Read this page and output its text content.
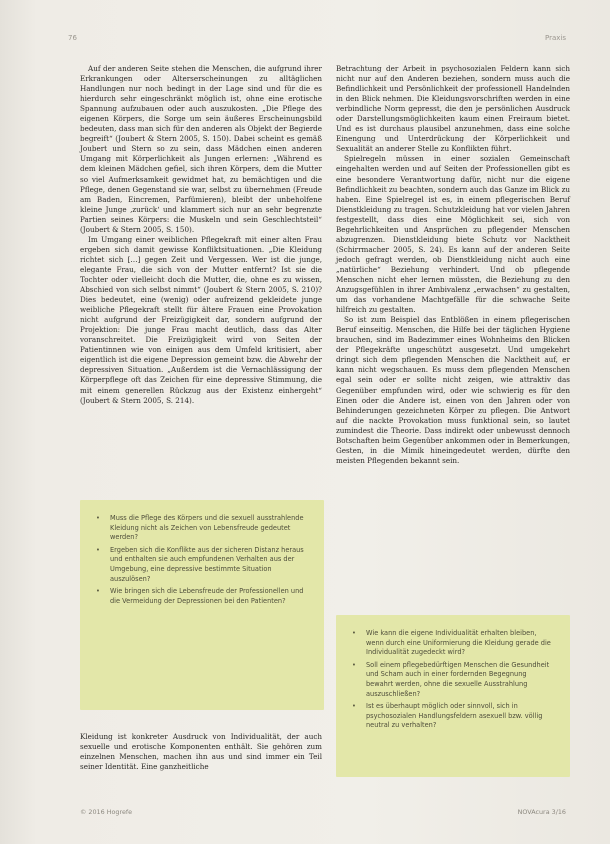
76	Praxis

Auf der anderen Seite stehen die Menschen, die aufgrund ihrer Erkrankungen oder Alterserscheinungen zu alltäglichen Handlungen nur noch bedingt in der Lage sind und für die es hierdurch sehr eingeschränkt möglich ist, ohne eine erotische Spannung aufzubauen oder auch auszukosten. „Die Pflege des eigenen Körpers, die Sorge um sein äußeres Erscheinungsbild bedeuten, dass man sich für den anderen als Objekt der Begierde begreift“ (Joubert & Stern 2005, S. 150). Dabei scheint es gemäß Joubert und Stern so zu sein, dass Mädchen einen anderen Umgang mit Körperlichkeit als Jungen erlernen: „Während es dem kleinen Mädchen gefiel, sich ihren Körpers, dem die Mutter so viel Aufmerksamkeit gewidmet hat, zu bemächtigen und die Pflege, denen Gegenstand sie war, selbst zu übernehmen (Freude am Baden, Eincremen, Parfümieren), bleibt der unbeholfene kleine Junge ‚zurück‘ und klammert sich nur an sehr begrenzte Partien seines Körpers: die Muskeln und sein Geschlechtsteil“ (Joubert & Stern 2005, S. 150).

Im Umgang einer weiblichen Pflegekraft mit einer alten Frau ergeben sich damit gewisse Konfliktsituationen. „Die Kleidung richtet sich […] gegen Zeit und Vergessen. Wer ist die junge, elegante Frau, die sich von der Mutter entfernt? Ist sie die Tochter oder vielleicht doch die Mutter, die, ohne es zu wissen, Abschied von sich selbst nimmt“ (Joubert & Stern 2005, S. 210)? Dies bedeutet, eine (wenig) oder aufreizend gekleidete junge weibliche Pflegekraft stellt für ältere Frauen eine Provokation nicht aufgrund der Freizügigkeit dar, sondern aufgrund der Projektion: Die junge Frau macht deutlich, dass das Alter voranschreitet. Die Freizügigkeit wird von Seiten der Patientinnen wie von einigen aus dem Umfeld kritisiert, aber eigentlich ist die eigene Depression gemeint bzw. die Abwehr der depressiven Situation. „Außerdem ist die Vernachlässigung der Körperpflege oft das Zeichen für eine depressive Stimmung, die mit einem generellen Rückzug aus der Existenz einhergeht“ (Joubert & Stern 2005, S. 214).

• Muss die Pflege des Körpers und die sexuell ausstrahlende Kleidung nicht als Zeichen von Lebensfreude gedeutet werden?
• Ergeben sich die Konflikte aus der sicheren Distanz heraus und enthalten sie auch empfundenen Verhalten aus der Umgebung, eine depressive bestimmte Situation auszulösen?
• Wie bringen sich die Lebensfreude der Professionellen und die Vermeidung der Depressionen bei den Patienten?

Kleidung ist konkreter Ausdruck von Individualität, der auch sexuelle und erotische Komponenten enthält. Sie gehören zum einzelnen Menschen, machen ihn aus und sind immer ein Teil seiner Identität. Eine ganzheitliche

Betrachtung der Arbeit in psychosozialen Feldern kann sich nicht nur auf den Anderen beziehen, sondern muss auch die Befindlichkeit und Persönlichkeit der professionell Handelnden in den Blick nehmen. Die Kleidungsvorschriften werden in eine verbindliche Norm gepresst, die den je persönlichen Ausdruck oder Darstellungsmöglichkeiten kaum einen Freiraum bietet. Und es ist durchaus plausibel anzunehmen, dass eine solche Einengung und Unterdrückung der Körperlichkeit und Sexualität an anderer Stelle zu Konflikten führt.

Spielregeln müssen in einer sozialen Gemeinschaft eingehalten werden und auf Seiten der Professionellen gibt es eine besondere Verantwortung dafür, nicht nur die eigene Befindlichkeit zu beachten, sondern auch das Ganze im Blick zu haben. Eine Spielregel ist es, in einem pflegerischen Beruf Dienstkleidung zu tragen. Schutzkleidung hat vor vielen Jahren festgestellt, dass dies eine Möglichkeit sei, sich von Begehrlichkeiten und Ansprüchen zu pflegender Menschen abzugrenzen. Dienstkleidung biete Schutz vor Nacktheit (Schirrmacher 2005, S. 24). Es kann auf der anderen Seite jedoch gefragt werden, ob Dienstkleidung nicht auch eine „natürliche“ Beziehung verhindert. Und ob pflegende Menschen nicht eher lernen müssten, die Beziehung zu den Anzugsgefühlen in ihrer Ambivalenz „erwachsen“ zu gestalten, um das vorhandene Machtgefälle für die schwache Seite hilfreich zu gestalten.

So ist zum Beispiel das Entblößen in einem pflegerischen Beruf einseitig. Menschen, die Hilfe bei der täglichen Hygiene brauchen, sind im Badezimmer eines Wohnheims den Blicken der Pflegekräfte ungeschützt ausgesetzt. Und umgekehrt dringt sich dem pflegenden Menschen die Nacktheit auf, er kann nicht wegschauen. Es muss dem pflegenden Menschen egal sein oder er sollte nicht zeigen, wie attraktiv das Gegenüber empfunden wird, oder wie schwierig es für den Einen oder die Andere ist, einen von den Jahren oder von Behinderungen gezeichneten Körper zu pflegen. Die Antwort auf die nackte Provokation muss funktional sein, so lautet zumindest die Theorie. Dass indirekt oder unbewusst dennoch Botschaften beim Gegenüber ankommen oder in Bemerkungen, Gesten, in die Mimik hineingedeutet werden, dürfte den meisten Pflegenden bekannt sein.

• Wie kann die eigene Individualität erhalten bleiben, wenn durch eine Uniformierung die Kleidung gerade die Individualität zugedeckt wird?
• Soll einem pflegebedürftigen Menschen die Gesundheit und Scham auch in einer fordernden Begegnung bewahrt werden, ohne die sexuelle Ausstrahlung auszuschließen?
• Ist es überhaupt möglich oder sinnvoll, sich in psychosozialen Handlungsfeldern asexuell bzw. völlig neutral zu verhalten?
© 2016 Hogrefe	NOVAcura 3/16
